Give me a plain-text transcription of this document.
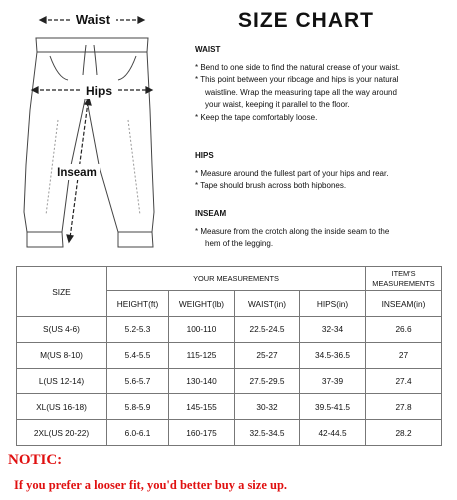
Waist
Hips
Inseam
SIZE CHART
WAIST

* Bend to one side to find the natural crease of your waist.

* This point between your ribcage and hips is your natural

waistline. Wrap the measuring tape all the way around

your waist, keeping it parallel to the floor.

* Keep the tape comfortably loose.

HIPS

* Measure around the fullest part of your hips and rear.

* Tape should brush across both hipbones.

INSEAM

* Measure from the crotch along the inside seam to the

hem of the legging.

SIZE	YOUR MEASUREMENTS				ITEM'S MEASUREMENTS
	HEIGHT(ft)	WEIGHT(lb)	WAIST(in)	HIPS(in)	INSEAM(in)
S(US 4-6)	5.2-5.3	100-110	22.5-24.5	32-34	26.6
M(US 8-10)	5.4-5.5	115-125	25-27	34.5-36.5	27
L(US 12-14)	5.6-5.7	130-140	27.5-29.5	37-39	27.4
XL(US 16-18)	5.8-5.9	145-155	30-32	39.5-41.5	27.8
2XL(US 20-22)	6.0-6.1	160-175	32.5-34.5	42-44.5	28.2
NOTIC:
If you prefer a looser fit, you'd better buy a size up.
